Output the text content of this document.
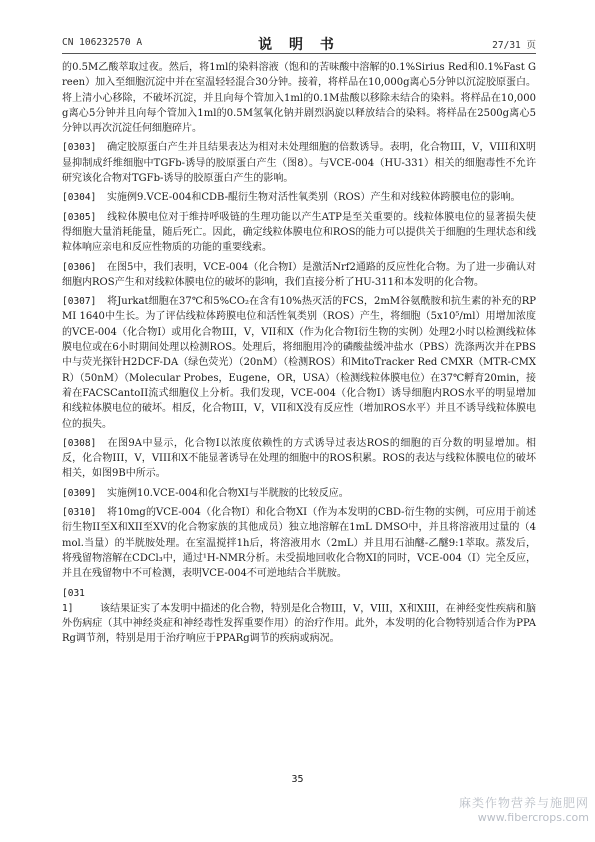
CN 106232570 A	说 明 书	27/31 页

的0.5M乙酸萃取过夜。然后，将1ml的染料溶液（饱和的苦味酸中溶解的0.1%Sirius Red和0.1%Fast Green）加入至细胞沉淀中并在室温轻轻混合30分钟。接着，将样品在10,000g离心5分钟以沉淀胶原蛋白。将上清小心移除，不破坏沉淀，并且向每个管加入1ml的0.1M盐酸以移除未结合的染料。将样品在10,000g离心5分钟并且向每个管加入1ml的0.5M氢氧化钠并剧烈涡旋以释放结合的染料。将样品在2500g离心5分钟以再次沉淀任何细胞碎片。

[0303] 确定胶原蛋白产生并且结果表达为相对未处理细胞的倍数诱导。表明，化合物III，V，VIII和X明显抑制成纤维细胞中TGFb-诱导的胶原蛋白产生（图8）。与VCE-004（HU-331）相关的细胞毒性不允许研究该化合物对TGFb-诱导的胶原蛋白产生的影响。

[0304] 实施例9.VCE-004和CDB-醌衍生物对活性氧类别（ROS）产生和对线粒体跨膜电位的影响。

[0305] 线粒体膜电位对于维持呼吸链的生理功能以产生ATP是至关重要的。线粒体膜电位的显著损失使得细胞大量消耗能量，随后死亡。因此，确定线粒体膜电位和ROS的能力可以提供关于细胞的生理状态和线粒体响应亲电和反应性物质的功能的重要线索。

[0306] 在图5中，我们表明，VCE-004（化合物I）是激活Nrf2通路的反应性化合物。为了进一步确认对细胞内ROS产生和对线粒体膜电位的破坏的影响，我们直接分析了HU-311和本发明的化合物。

[0307] 将Jurkat细胞在37℃和5%CO₂在含有10%热灭活的FCS，2mM谷氨酰胺和抗生素的补充的RPMI 1640中生长。为了评估线粒体跨膜电位和活性氧类别（ROS）产生，将细胞（5x10⁵/ml）用增加浓度的VCE-004（化合物I）或用化合物III，V，VII和X（作为化合物I衍生物的实例）处理2小时以检测线粒体膜电位或在6小时期间处理以检测ROS。处理后，将细胞用冷的磷酸盐缓冲盐水（PBS）洗涤两次并在PBS中与荧光探针H2DCF-DA（绿色荧光）（20nM）（检测ROS）和MitoTracker Red CMXR（MTR-CMXR）（50nM）（Molecular Probes，Eugene，OR，USA）（检测线粒体膜电位）在37℃孵育20min，接着在FACSCantoII流式细胞仪上分析。我们发现，VCE-004（化合物I）诱导细胞内ROS水平的明显增加和线粒体膜电位的破坏。相反，化合物III，V，VII和X没有反应性（增加ROS水平）并且不诱导线粒体膜电位的损失。

[0308] 在图9A中显示，化合物I以浓度依赖性的方式诱导过表达ROS的细胞的百分数的明显增加。相反，化合物III，V，VIII和X不能显著诱导在处理的细胞中的ROS积累。ROS的表达与线粒体膜电位的破坏相关，如图9B中所示。

[0309] 实施例10.VCE-004和化合物XI与半胱胺的比较反应。

[0310] 将10mg的VCE-004（化合物I）和化合物XI（作为本发明的CBD-衍生物的实例，可应用于前述衍生物II至X和XII至XV的化合物家族的其他成员）独立地溶解在1mL DMSO中，并且将溶液用过量的（4mol.当量）的半胱胺处理。在室温搅拌1h后，将溶液用水（2mL）并且用石油醚-乙醚9:1萃取。蒸发后，将残留物溶解在CDCl₃中，通过¹H-NMR分析。未受损地回收化合物XI的同时，VCE-004（I）完全反应，并且在残留物中不可检测，表明VCE-004不可逆地结合半胱胺。

[0311]	该结果证实了本发明中描述的化合物，特别是化合物III，V，VIII，X和XIII，在神经变性疾病和脑外伤病症（其中神经炎症和神经毒性发挥重要作用）的治疗作用。此外，本发明的化合物特别适合作为PPARg调节剂，特别是用于治疗响应于PPARg调节的疾病或病况。

35
麻类作物营养与施肥网
www.fibercrops.com
